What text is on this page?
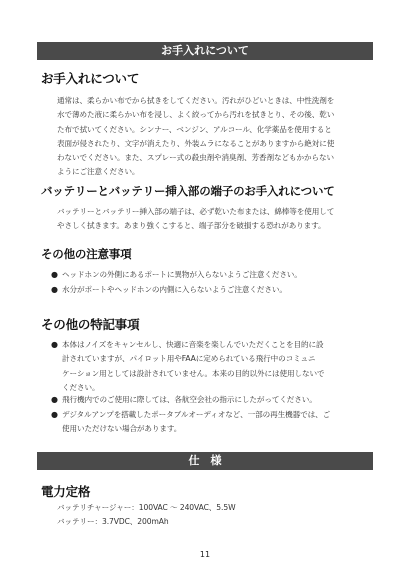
お手入れについて
お手入れについて
通常は、柔らかい布でから拭きをしてください。汚れがひどいときは、中性洗剤を
水で薄めた液に柔らかい布を浸し、よく絞ってから汚れを拭きとり、その後、乾い
た布で拭いてください。シンナー、ベンジン、アルコール、化学薬品を使用すると
表面が侵されたり、文字が消えたり、外装ムラになることがありますから絶対に使
わないでください。また、スプレー式の殺虫剤や消臭剤、芳香剤などもかからない
ようにご注意ください。
バッテリーとバッテリー挿入部の端子のお手入れについて
バッテリーとバッテリー挿入部の端子は、必ず乾いた布または、綿棒等を使用して
やさしく拭きます。あまり強くこすると、端子部分を破損する恐れがあります。
その他の注意事項
● ヘッドホンの外側にあるポートに異物が入らないようご注意ください。
● 水分がポートやヘッドホンの内側に入らないようご注意ください。
その他の特記事項
● 本体はノイズをキャンセルし、快適に音楽を楽しんでいただくことを目的に設
計されていますが、パイロット用やFAAに定められている飛行中のコミュニ
ケーション用としては設計されていません。本来の目的以外には使用しないで
ください。
● 飛行機内でのご使用に際しては、各航空会社の指示にしたがってください。
● デジタルアンプを搭載したポータブルオーディオなど、一部の再生機器では、ご
使用いただけない場合があります。
仕　様
電力定格
バッテリチャージャー：100VAC ～ 240VAC、5.5W
バッテリー：3.7VDC、200mAh
11
